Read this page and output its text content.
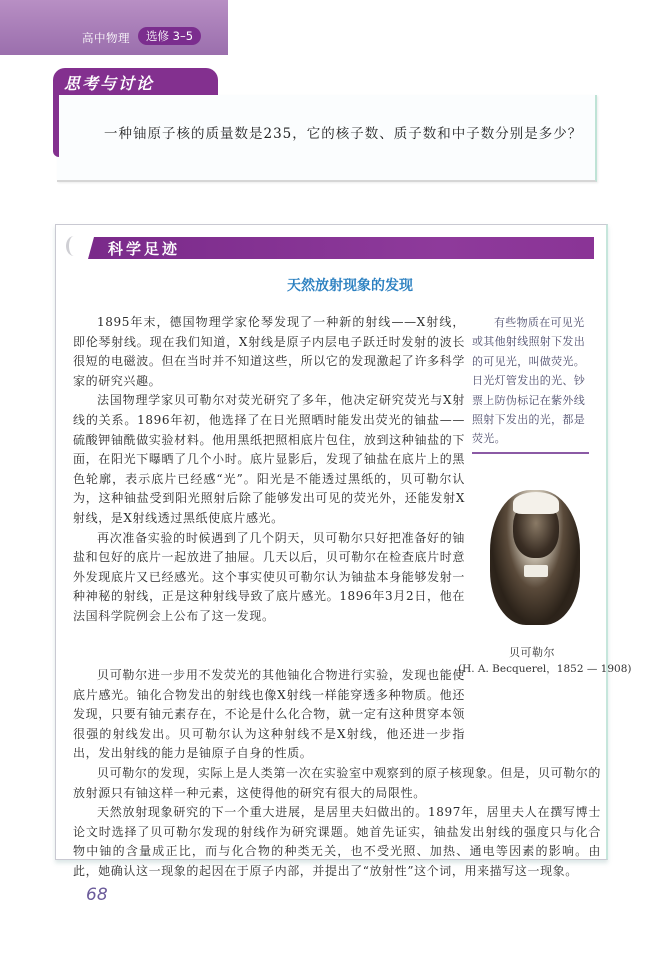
高中物理	选修 3–5
思考与讨论

一种铀原子核的质量数是235，它的核子数、质子数和中子数分别是多少？

科学足迹
天然放射现象的发现

1895年末，德国物理学家伦琴发现了一种新的射线——X射线，即伦琴射线。现在我们知道，X射线是原子内层电子跃迁时发射的波长很短的电磁波。但在当时并不知道这些，所以它的发现激起了许多科学家的研究兴趣。

法国物理学家贝可勒尔对荧光研究了多年，他决定研究荧光与X射线的关系。1896年初，他选择了在日光照晒时能发出荧光的铀盐——硫酸钾铀酰做实验材料。他用黑纸把照相底片包住，放到这种铀盐的下面，在阳光下曝晒了几个小时。底片显影后，发现了铀盐在底片上的黑色轮廓，表示底片已经感“光”。阳光是不能透过黑纸的，贝可勒尔认为，这种铀盐受到阳光照射后除了能够发出可见的荧光外，还能发射X射线，是X射线透过黑纸使底片感光。

再次准备实验的时候遇到了几个阴天，贝可勒尔只好把准备好的铀盐和包好的底片一起放进了抽屉。几天以后，贝可勒尔在检查底片时意外发现底片又已经感光。这个事实使贝可勒尔认为铀盐本身能够发射一种神秘的射线，正是这种射线导致了底片感光。1896年3月2日，他在法国科学院例会上公布了这一发现。

有些物质在可见光或其他射线照射下发出的可见光，叫做荧光。日光灯管发出的光、钞票上防伪标记在紫外线照射下发出的光，都是荧光。
贝可勒尔
(H. A. Becquerel，1852 — 1908)

贝可勒尔进一步用不发荧光的其他铀化合物进行实验，发现也能使底片感光。铀化合物发出的射线也像X射线一样能穿透多种物质。他还发现，只要有铀元素存在，不论是什么化合物，就一定有这种贯穿本领很强的射线发出。贝可勒尔认为这种射线不是X射线，他还进一步指出，发出射线的能力是铀原子自身的性质。

贝可勒尔的发现，实际上是人类第一次在实验室中观察到的原子核现象。但是，贝可勒尔的放射源只有铀这样一种元素，这使得他的研究有很大的局限性。

天然放射现象研究的下一个重大进展，是居里夫妇做出的。1897年，居里夫人在撰写博士论文时选择了贝可勒尔发现的射线作为研究课题。她首先证实，铀盐发出射线的强度只与化合物中铀的含量成正比，而与化合物的种类无关，也不受光照、加热、通电等因素的影响。由此，她确认这一现象的起因在于原子内部，并提出了“放射性”这个词，用来描写这一现象。

68
